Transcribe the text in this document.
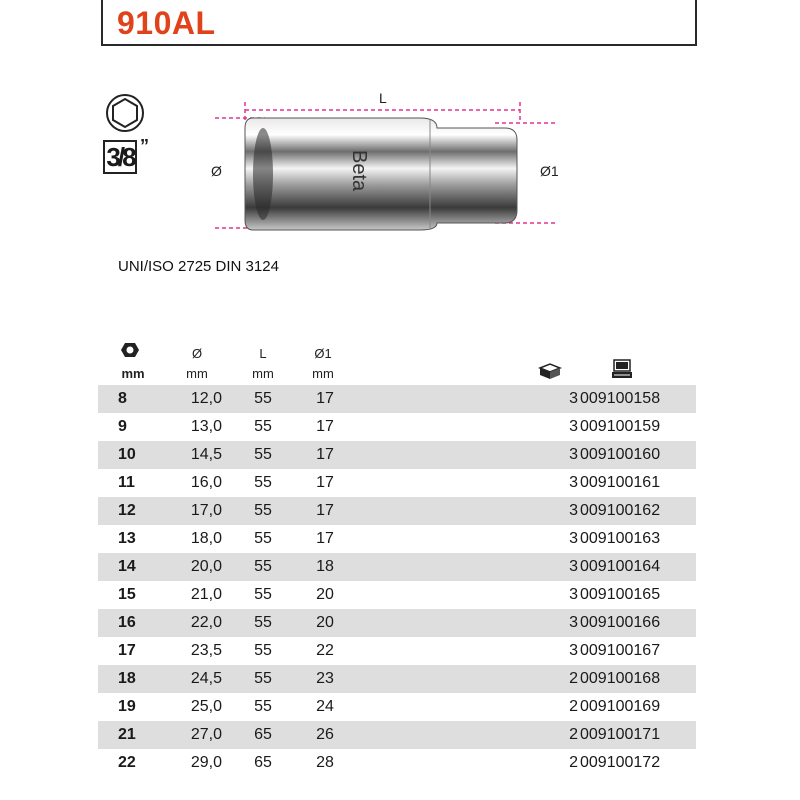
910AL
3/8 ”
Beta
L
Ø	Ø1
UNI/ISO 2725 DIN 3124
mm
Ø
mm
L
mm
Ø1
mm
8	12,0	55	17	3 009100158
9	13,0	55	17	3 009100159
10	14,5	55	17	3 009100160
11	16,0	55	17	3 009100161
12	17,0	55	17	3 009100162
13	18,0	55	17	3 009100163
14	20,0	55	18	3 009100164
15	21,0	55	20	3 009100165
16	22,0	55	20	3 009100166
17	23,5	55	22	3 009100167
18	24,5	55	23	2 009100168
19	25,0	55	24	2 009100169
21	27,0	65	26	2 009100171
22	29,0	65	28	2 009100172
